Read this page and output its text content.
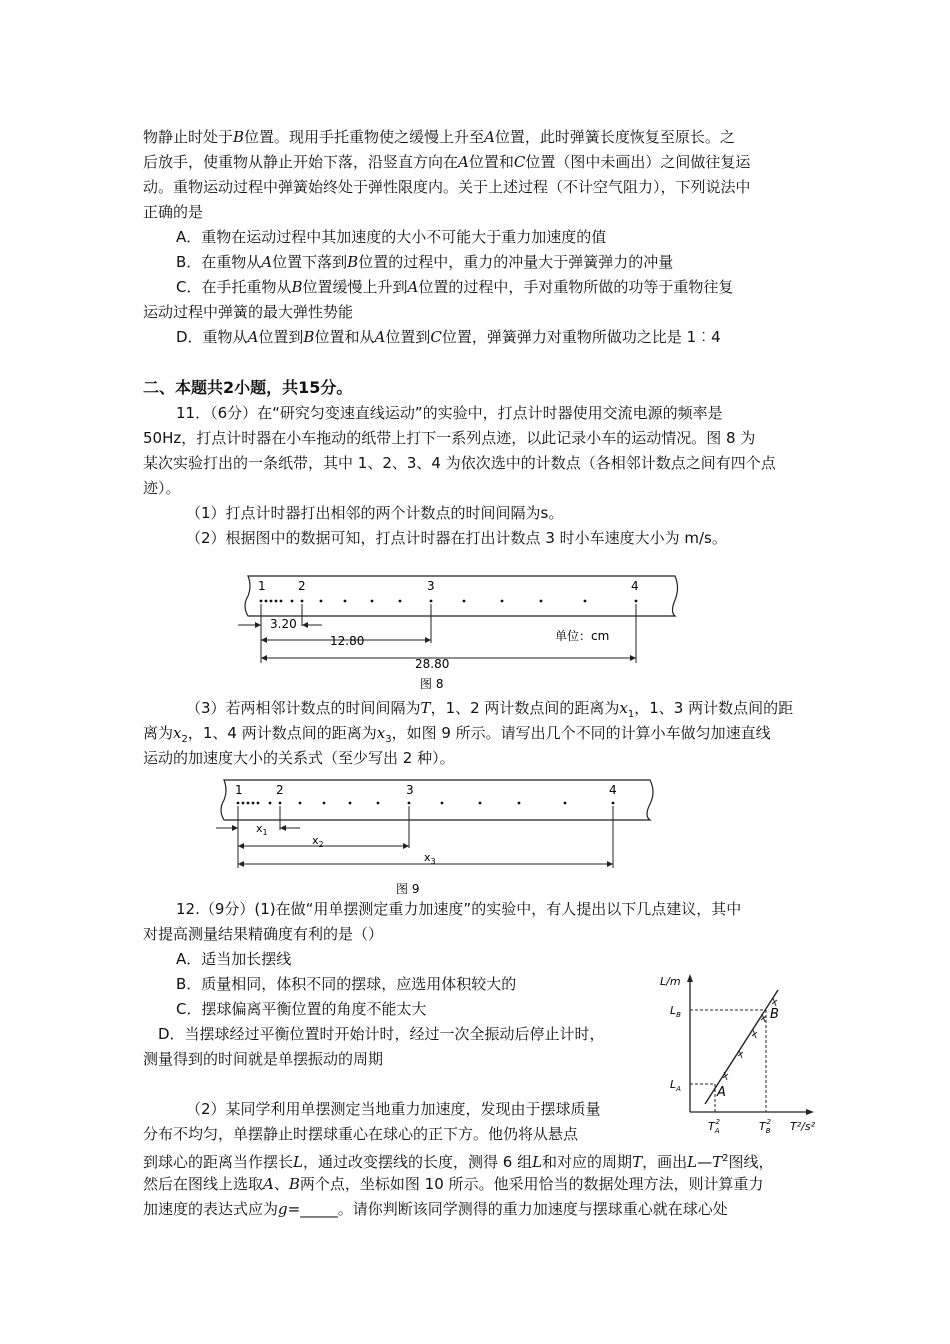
物静止时处于B位置。现用手托重物使之缓慢上升至A位置，此时弹簧长度恢复至原长。之
后放手，使重物从静止开始下落，沿竖直方向在A位置和C位置（图中未画出）之间做往复运
动。重物运动过程中弹簧始终处于弹性限度内。关于上述过程（不计空气阻力），下列说法中
正确的是
A．重物在运动过程中其加速度的大小不可能大于重力加速度的值
B．在重物从A位置下落到B位置的过程中，重力的冲量大于弹簧弹力的冲量
C．在手托重物从B位置缓慢上升到A位置的过程中，手对重物所做的功等于重物往复
运动过程中弹簧的最大弹性势能
D．重物从A位置到B位置和从A位置到C位置，弹簧弹力对重物所做功之比是 1︰4
二、本题共2小题，共15分。
11．（6分）在“研究匀变速直线运动”的实验中，打点计时器使用交流电源的频率是
50Hz，打点计时器在小车拖动的纸带上打下一系列点迹，以此记录小车的运动情况。图 8 为
某次实验打出的一条纸带，其中 1、2、3、4 为依次选中的计数点（各相邻计数点之间有四个点
迹）。
（1）打点计时器打出相邻的两个计数点的时间间隔为s。
（2）根据图中的数据可知，打点计时器在打出计数点 3 时小车速度大小为 m/s。
1	2	3	4
3.20
12.80
28.80
单位：cm
图 8
（3）若两相邻计数点的时间间隔为T，1、2 两计数点间的距离为$x_1$，1、3 两计数点间的距
离为$x_2$，1、4 两计数点间的距离为$x_3$，如图 9 所示。请写出几个不同的计算小车做匀加速直线
运动的加速度大小的关系式（至少写出 2 种）。
1	2	3	4
$x_1$
$x_2$
$x_3$
图 9
12.（9分）(1)在做“用单摆测定重力加速度”的实验中，有人提出以下几点建议，其中
对提高测量结果精确度有利的是（）
A．适当加长摆线
B．质量相同，体积不同的摆球，应选用体积较大的
C．摆球偏离平衡位置的角度不能太大
D．当摆球经过平衡位置时开始计时，经过一次全振动后停止计时，
测量得到的时间就是单摆振动的周期
L/m
T²/s²
A
B
$L_A$
$L_B$
$T_A2$	$T_B2$
（2）某同学利用单摆测定当地重力加速度，发现由于摆球质量
分布不均匀，单摆静止时摆球重心在球心的正下方。他仍将从悬点
到球心的距离当作摆长L，通过改变摆线的长度，测得 6 组L和对应的周期T，画出$L—T^2$图线，
然后在图线上选取A、B两个点，坐标如图 10 所示。他采用恰当的数据处理方法，则计算重力
加速度的表达式应为g=_____。请你判断该同学测得的重力加速度与摆球重心就在球心处
